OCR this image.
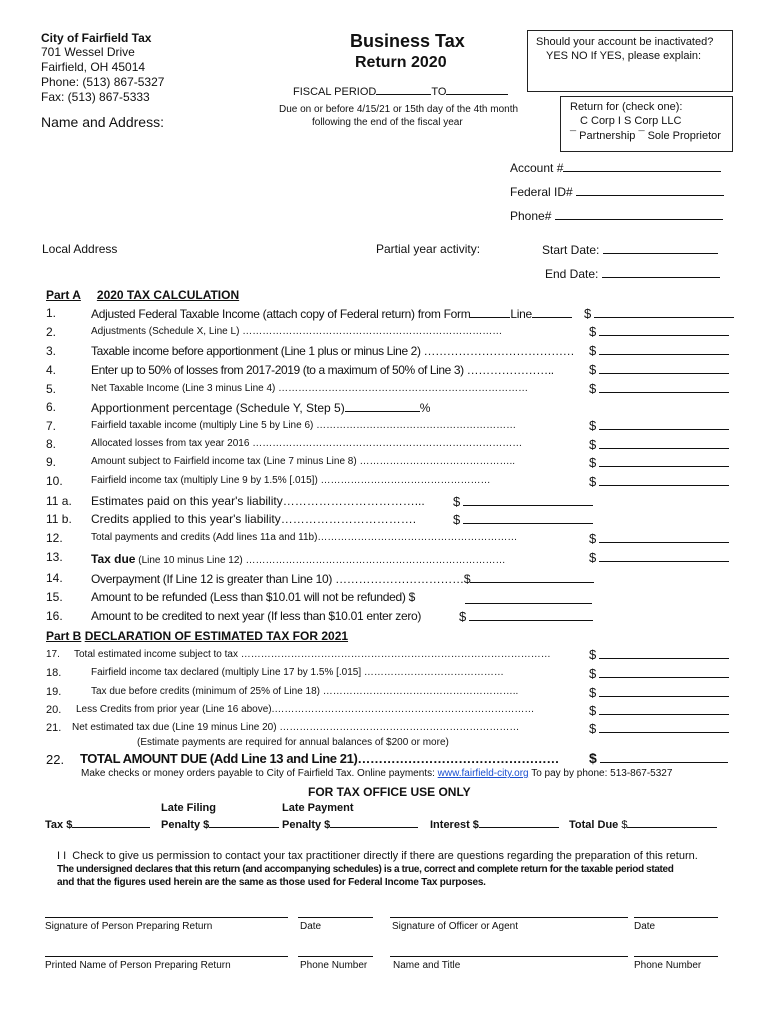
City of Fairfield Tax
701 Wessel Drive
Fairfield, OH 45014
Phone: (513) 867-5327
Fax: (513) 867-5333
Name and Address:
Business Tax
Return 2020
FISCAL PERIOD	TO
Due on or before 4/15/21 or 15th day of the 4th month
following the end of the fiscal year
Should your account be inactivated?
YES NO If YES, please explain:
Return for (check one):
C Corp I S Corp LLC
¯ Partnership ¯ Sole Proprietor
Account #
Federal ID#
Phone#
Local Address	Partial year activity:	Start Date:
End Date:
Part A 2020 TAX CALCULATION
1.	Adjusted Federal Taxable Income (attach copy of Federal return) from Form	Line	$
2.	Adjustments (Schedule X, Line L) ……………………………………………………………………	$
3.	Taxable income before apportionment (Line 1 plus or minus Line 2) ………………………………… $
4.	Enter up to 50% of losses from 2017-2019 (to a maximum of 50% of Line 3) …………………..	$
5.	Net Taxable Income (Line 3 minus Line 4) …………………………………………………………………	$
6.	Apportionment percentage (Schedule Y, Step 5)	%
7.	Fairfield taxable income (multiply Line 5 by Line 6) ……………………………………………………	$
8.	Allocated losses from tax year 2016 ………………………………………………………………………	$
9.	Amount subject to Fairfield income tax (Line 7 minus Line 8) ………………………………………..	$
10.	Fairfield income tax (multiply Line 9 by 1.5% [.015]) ……………………………………………	$
11 a. Estimates paid on this year's liability……………………………... $
11 b. Credits applied to this year's liability…………………………….	$
12.	Total payments and credits (Add lines 11a and 11b)……………………………………………………	$
13. Tax due (Line 10 minus Line 12) ……………………………………………………………………	$
14. Overpayment (If Line 12 is greater than Line 10) ……………………………$
15. Amount to be refunded (Less than $10.01 will not be refunded) $
16. Amount to be credited to next year (If less than $10.01 enter zero)	$
Part B DECLARATION OF ESTIMATED TAX FOR 2021
17. Total estimated income subject to tax …………………………………………………………………………………	$
18.	Fairfield income tax declared (multiply Line 17 by 1.5% [.015] ……………………………………	$
19.	Tax due before credits (minimum of 25% of Line 18) …………………………………………………..	$
20. Less Credits from prior year (Line 16 above).……………………………………………………………………	$
21. Net estimated tax due (Line 19 minus Line 20) ………………………………………………………………	$
(Estimate payments are required for annual balances of $200 or more)
22. TOTAL AMOUNT DUE (Add Line 13 and Line 21)………………………………………… $
Make checks or money orders payable to City of Fairfield Tax. Online payments: www.fairfield-city.org To pay by phone: 513-867-5327
FOR TAX OFFICE USE ONLY
Late Filing	Late Payment
Tax $	Penalty $	Penalty $	Interest $	Total Due $
I I Check to give us permission to contact your tax practitioner directly if there are questions regarding the preparation of this return.
The undersigned declares that this return (and accompanying schedules) is a true, correct and complete return for the taxable period stated
and that the figures used herein are the same as those used for Federal Income Tax purposes.
Signature of Person Preparing Return	Date	Signature of Officer or Agent	Date
Printed Name of Person Preparing Return	Phone Number	Name and Title	Phone Number
